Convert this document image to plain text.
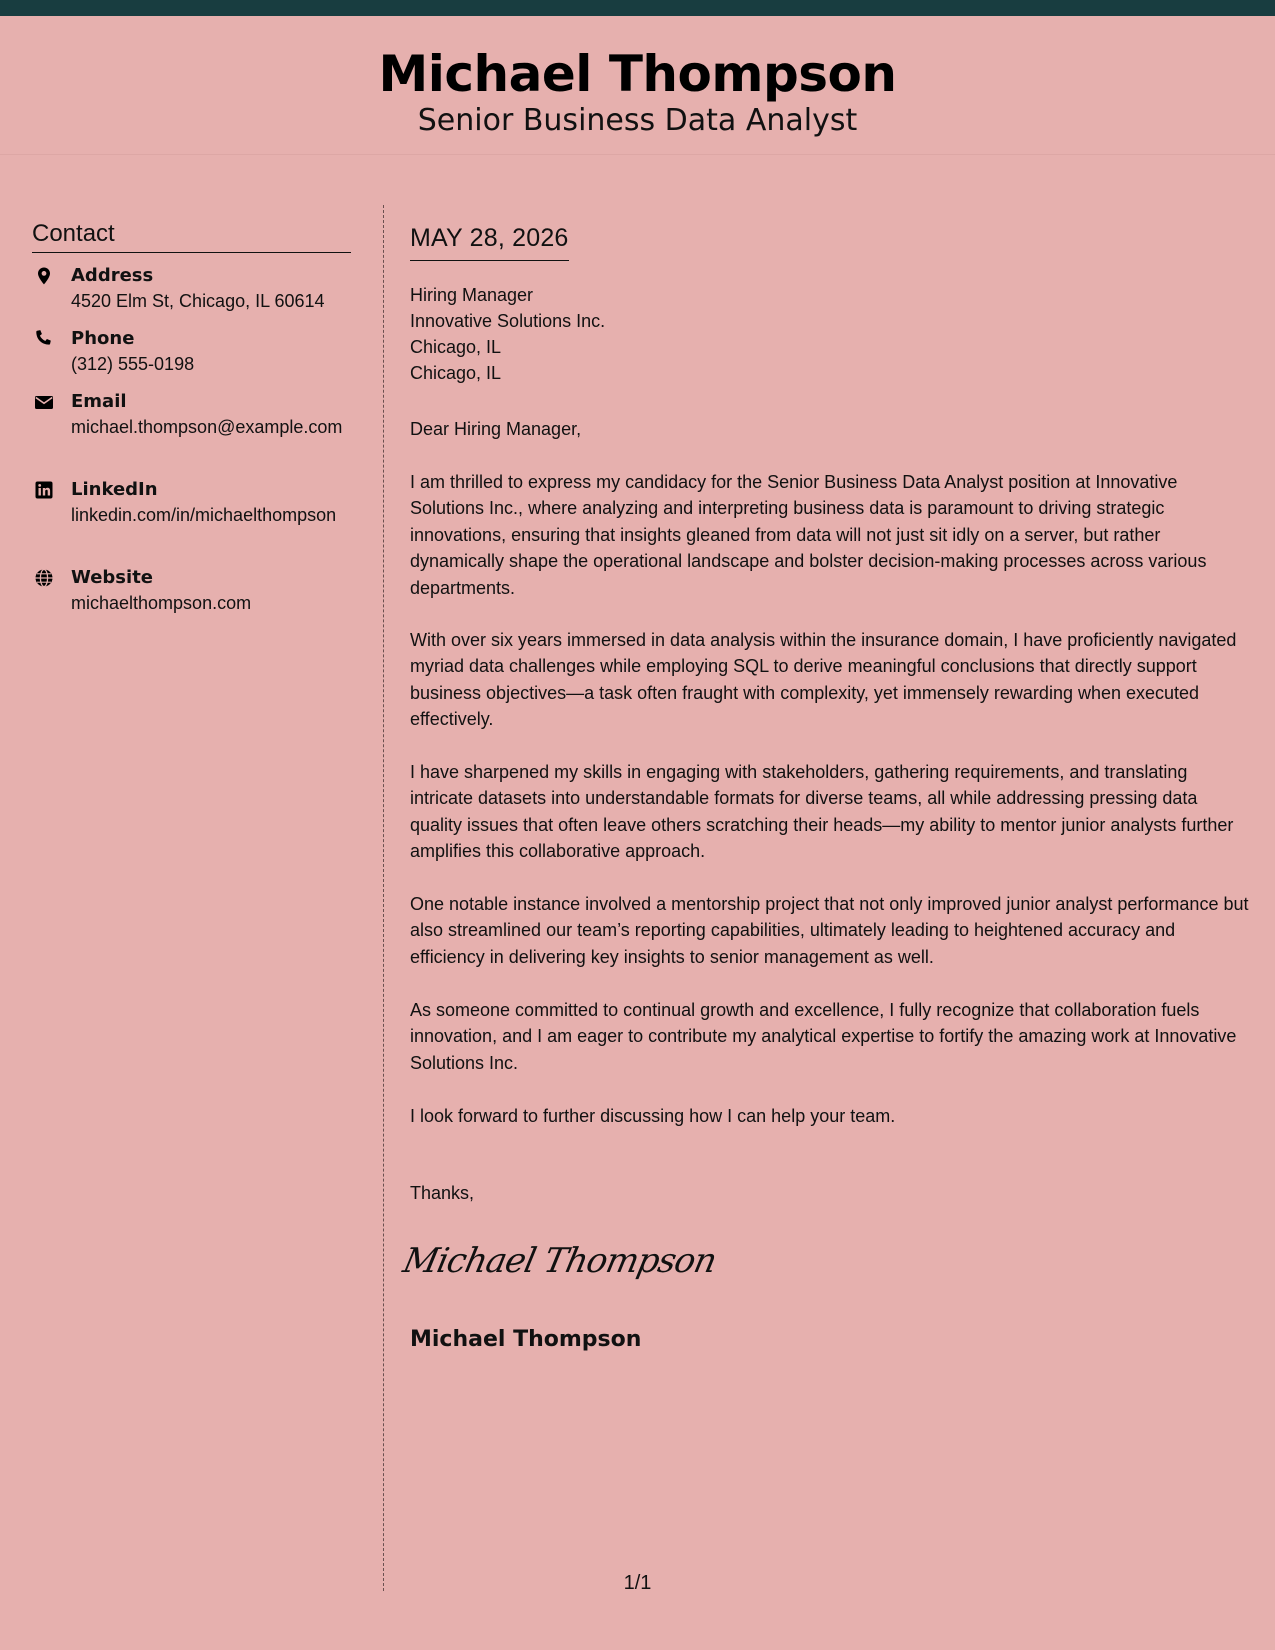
Michael Thompson
Senior Business Data Analyst
Contact
Address
4520 Elm St, Chicago, IL 60614
Phone
(312) 555-0198
Email
michael.thompson@example.com
LinkedIn
linkedin.com/in/michaelthompson
Website
michaelthompson.com
MAY 28, 2026
Hiring Manager
Innovative Solutions Inc.
Chicago, IL
Chicago, IL
Dear Hiring Manager,
I am thrilled to express my candidacy for the Senior Business Data Analyst position at Innovative Solutions Inc., where analyzing and interpreting business data is paramount to driving strategic innovations, ensuring that insights gleaned from data will not just sit idly on a server, but rather dynamically shape the operational landscape and bolster decision-making processes across various departments.
With over six years immersed in data analysis within the insurance domain, I have proficiently navigated myriad data challenges while employing SQL to derive meaningful conclusions that directly support business objectives—a task often fraught with complexity, yet immensely rewarding when executed effectively.
I have sharpened my skills in engaging with stakeholders, gathering requirements, and translating intricate datasets into understandable formats for diverse teams, all while addressing pressing data quality issues that often leave others scratching their heads—my ability to mentor junior analysts further amplifies this collaborative approach.
One notable instance involved a mentorship project that not only improved junior analyst performance but also streamlined our team’s reporting capabilities, ultimately leading to heightened accuracy and efficiency in delivering key insights to senior management as well.
As someone committed to continual growth and excellence, I fully recognize that collaboration fuels innovation, and I am eager to contribute my analytical expertise to fortify the amazing work at Innovative Solutions Inc.
I look forward to further discussing how I can help your team.
Thanks,
Michael Thompson
Michael Thompson
1/1
